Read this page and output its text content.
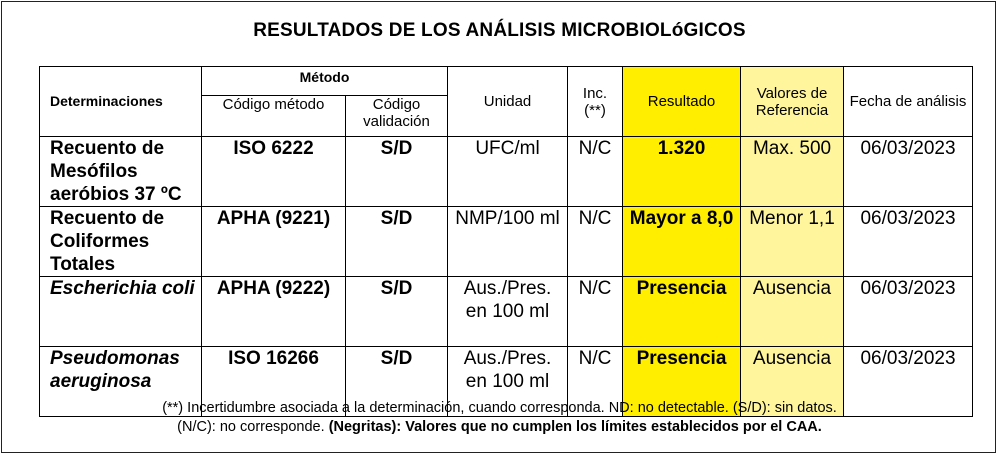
RESULTADOS DE LOS ANÁLISIS MICROBIOLóGICOS
Determinaciones	Método		Unidad	Inc. (**)	Resultado	Valores de Referencia	Fecha de análisis
	Código método	Código validación					
Recuento de Mesófilos aeróbios 37 ºC	ISO 6222	S/D	UFC/ml	N/C	1.320	Max. 500	06/03/2023
Recuento de Coliformes Totales	APHA (9221)	S/D	NMP/100 ml	N/C	Mayor a 8,0	Menor 1,1	06/03/2023
Escherichia coli	APHA (9222)	S/D	Aus./Pres. en 100 ml	N/C	Presencia	Ausencia	06/03/2023
Pseudomonas aeruginosa	ISO 16266	S/D	Aus./Pres. en 100 ml	N/C	Presencia	Ausencia	06/03/2023
(**) Incertidumbre asociada a la determinación, cuando corresponda. ND: no detectable. (S/D): sin datos.
(N/C): no corresponde. (Negritas): Valores que no cumplen los límites establecidos por el CAA.
